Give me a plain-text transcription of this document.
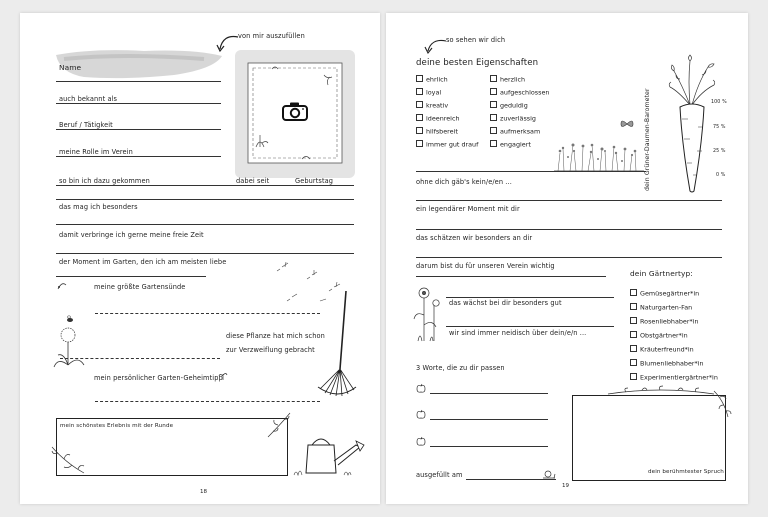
von mir auszufüllen
Name
auch bekannt als
Beruf / Tätigkeit
meine Rolle im Verein
so bin ich dazu gekommen	dabei seit	Geburtstag
das mag ich besonders
damit verbringe ich gerne meine freie Zeit
der Moment im Garten, den ich am meisten liebe
meine größte Gartensünde
diese Pflanze hat mich schon
zur Verzweiflung gebracht
mein persönlicher Garten-Geheimtipp
mein schönstes Erlebnis mit der Runde
18
so sehen wir dich
deine besten Eigenschaften
ehrlich
loyal
kreativ
ideenreich
hilfsbereit
immer gut drauf
herzlich
aufgeschlossen
geduldig
zuverlässig
aufmerksam
engagiert
100 %
75 %
25 %
0 %
dein Grüner-Daumen-Barometer
ohne dich gäb's kein/e/en ...
ein legendärer Moment mit dir
das schätzen wir besonders an dir
darum bist du für unseren Verein wichtig
das wächst bei dir besonders gut
wir sind immer neidisch über dein/e/n ...
dein Gärtnertyp:
Gemüsegärtner*in
Naturgarten-Fan
Rosenliebhaber*in
Obstgärtner*in
Kräuterfreund*in
Blumenliebhaber*in
Experimentiergärtner*in
3 Worte, die zu dir passen
ausgefüllt am	dein berühmtester Spruch
19
